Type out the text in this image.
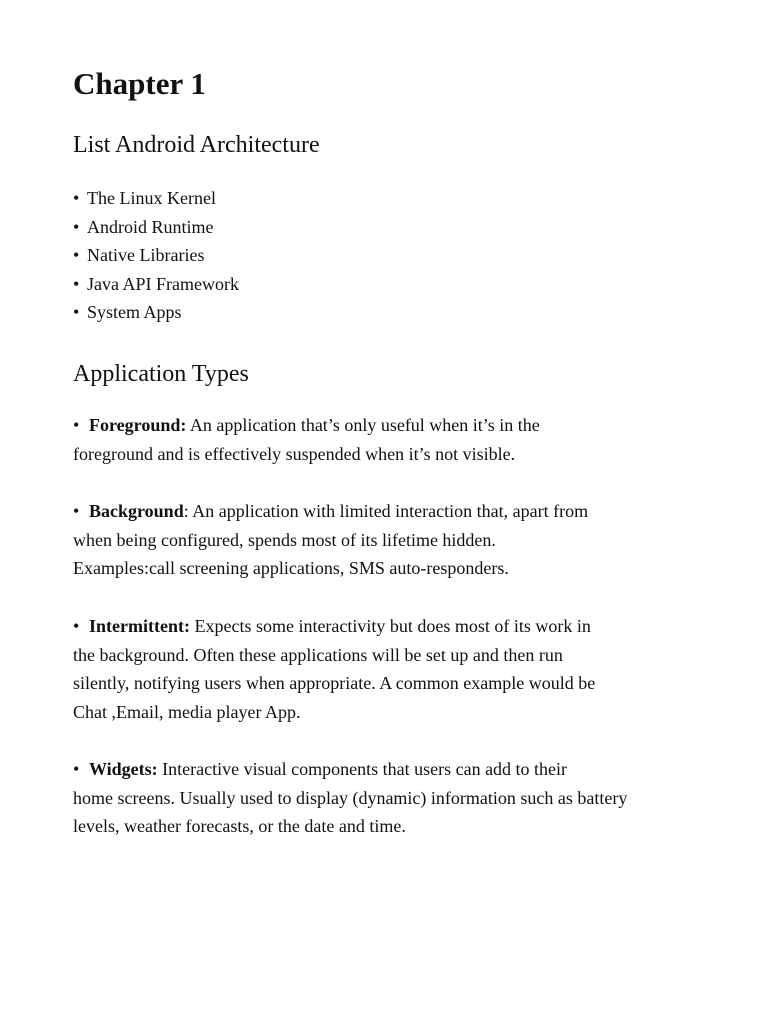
Chapter 1
List Android Architecture
• The Linux Kernel
• Android Runtime
• Native Libraries
• Java API Framework
• System Apps
Application Types
• Foreground: An application that’s only useful when it’s in the
foreground and is effectively suspended when it’s not visible.
• Background: An application with limited interaction that, apart from
when being configured, spends most of its lifetime hidden.
Examples:call screening applications, SMS auto-responders.
• Intermittent: Expects some interactivity but does most of its work in
the background. Often these applications will be set up and then run
silently, notifying users when appropriate. A common example would be
Chat ,Email, media player App.
• Widgets: Interactive visual components that users can add to their
home screens. Usually used to display (dynamic) information such as battery
levels, weather forecasts, or the date and time.
